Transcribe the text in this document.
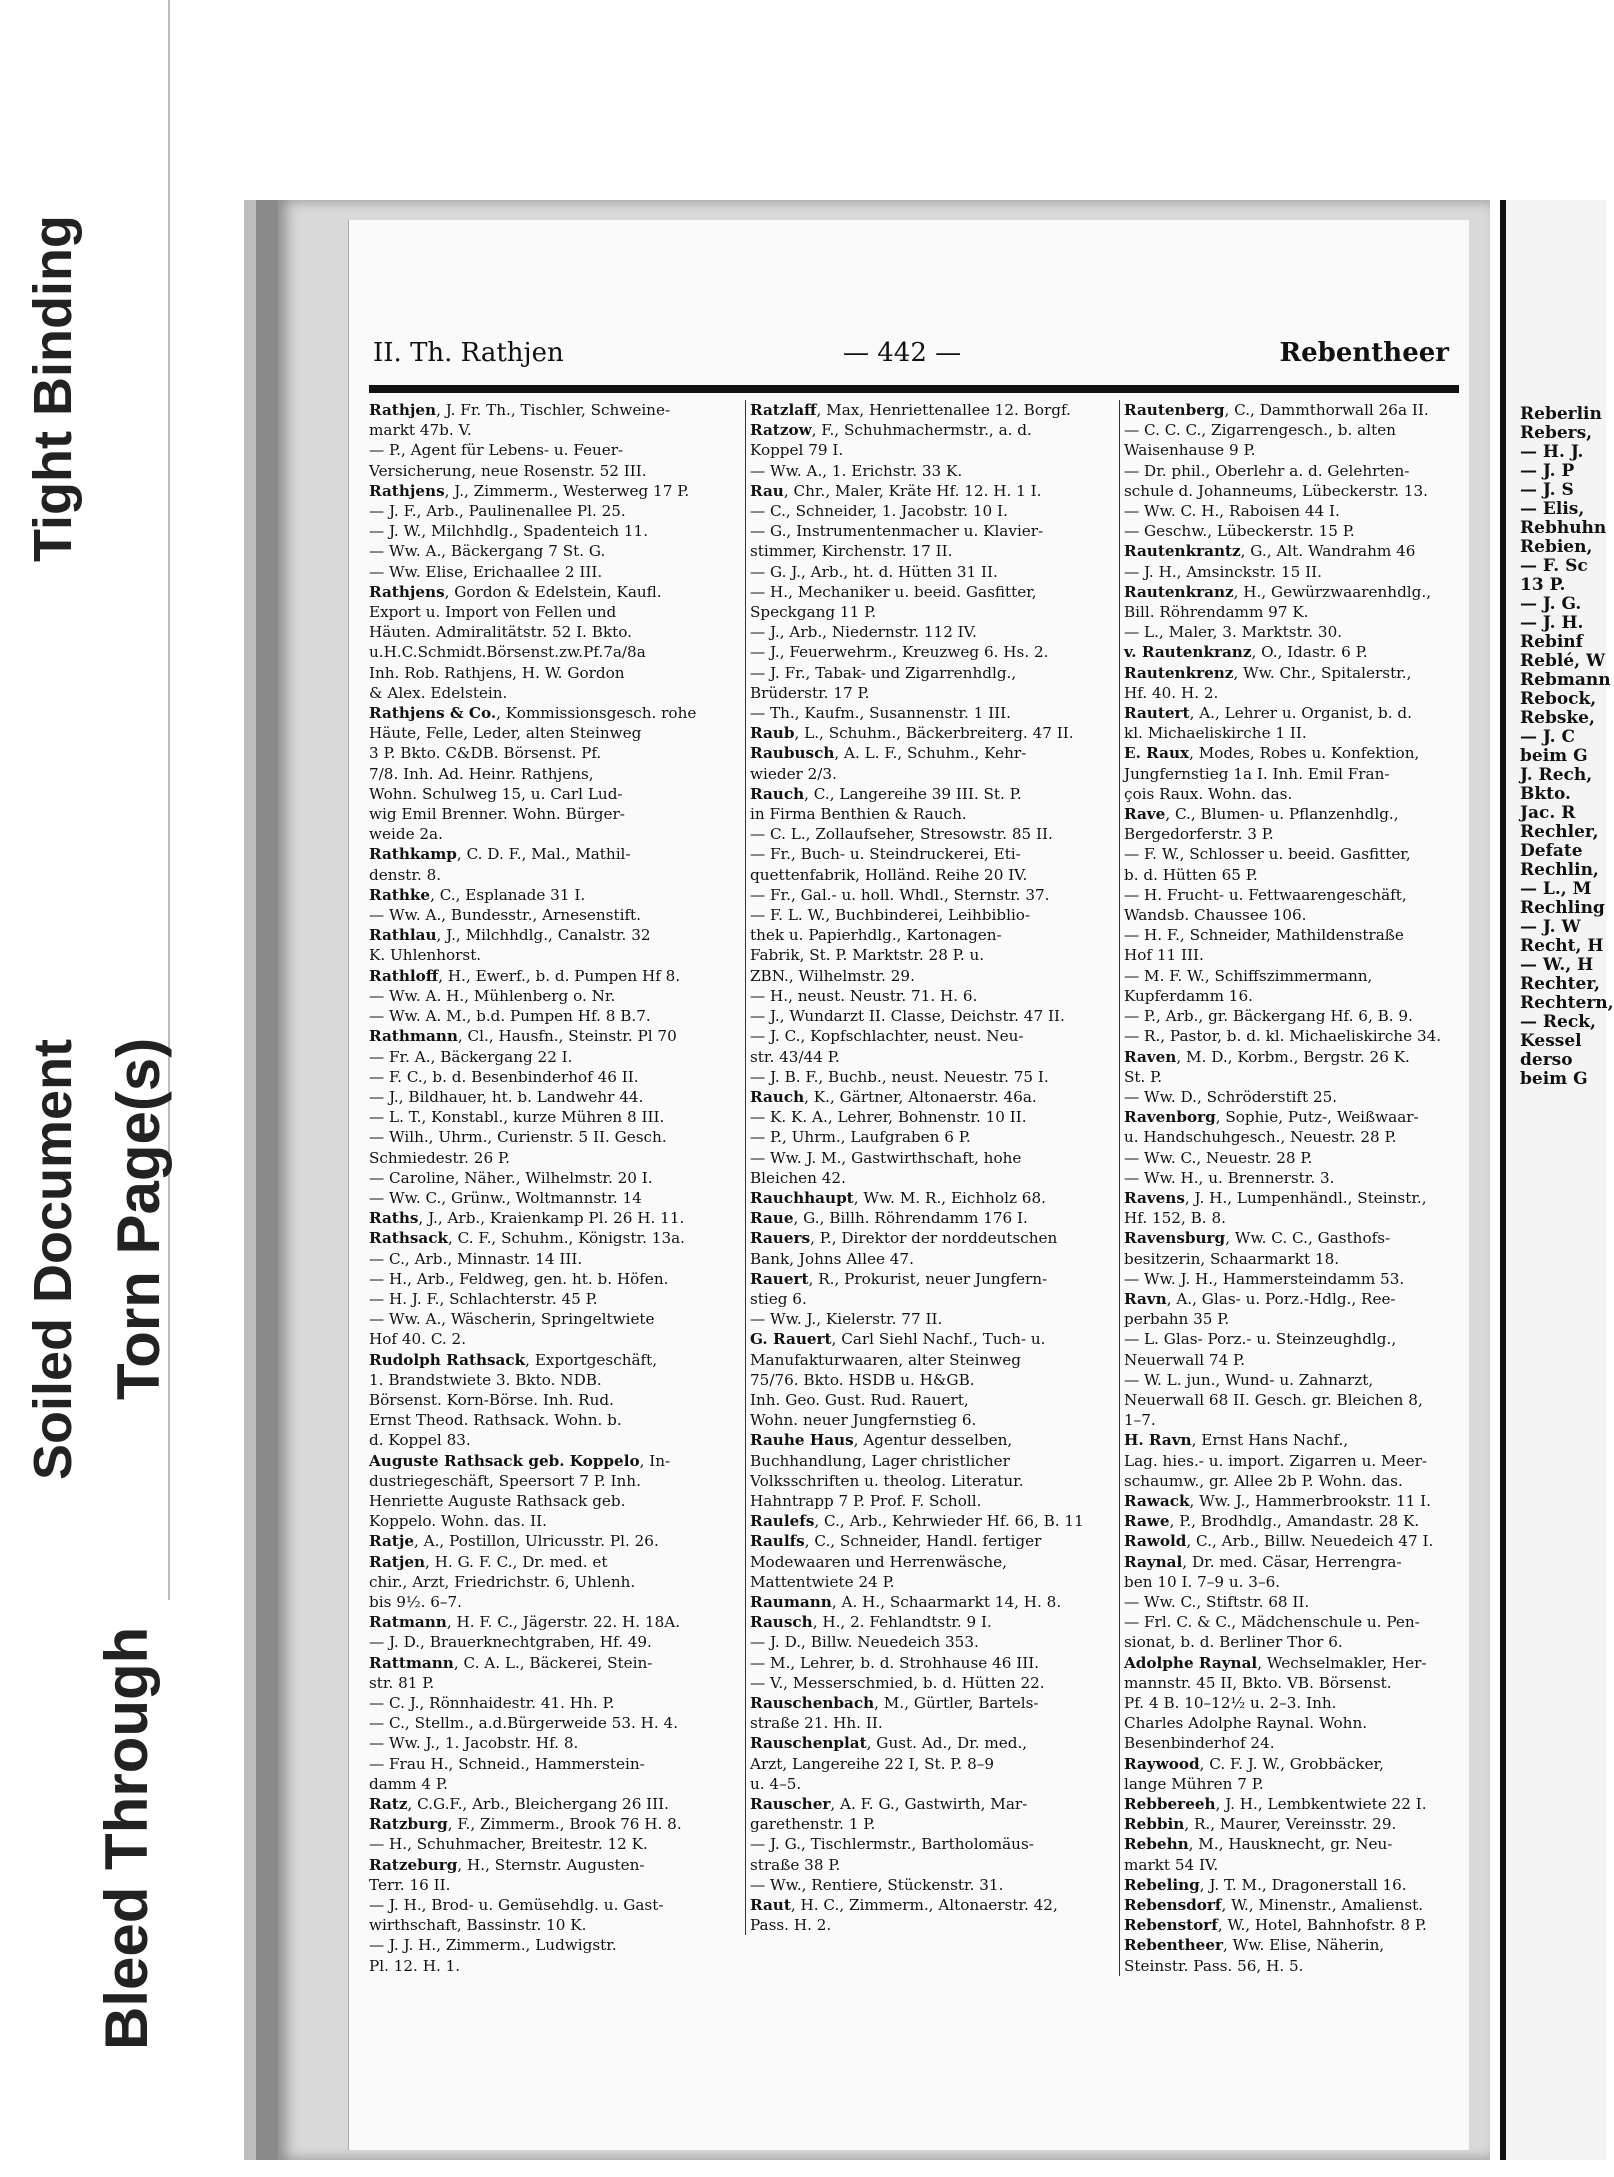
Tight Binding
Soiled Document Torn Page(s)
Bleed Through
II. Th. Rathjen	— 442 —	Rebentheer
Rathjen, J. Fr. Th., Tischler, Schweine-
markt 47b. V.
— P., Agent für Lebens- u. Feuer-
Versicherung, neue Rosenstr. 52 III.
Rathjens, J., Zimmerm., Westerweg 17 P.
— J. F., Arb., Paulinenallee Pl. 25.
— J. W., Milchhdlg., Spadenteich 11.
— Ww. A., Bäckergang 7 St. G.
— Ww. Elise, Erichaallee 2 III.
Rathjens, Gordon & Edelstein, Kaufl.
Export u. Import von Fellen und
Häuten. Admiralitätstr. 52 I. Bkto.
u.H.C.Schmidt.Börsenst.zw.Pf.7a/8a
Inh. Rob. Rathjens, H. W. Gordon
& Alex. Edelstein.
Rathjens & Co., Kommissionsgesch. rohe
Häute, Felle, Leder, alten Steinweg
3 P. Bkto. C&DB. Börsenst. Pf.
7/8. Inh. Ad. Heinr. Rathjens,
Wohn. Schulweg 15, u. Carl Lud-
wig Emil Brenner. Wohn. Bürger-
weide 2a.
Rathkamp, C. D. F., Mal., Mathil-
denstr. 8.
Rathke, C., Esplanade 31 I.
— Ww. A., Bundesstr., Arnesenstift.
Rathlau, J., Milchhdlg., Canalstr. 32
K. Uhlenhorst.
Rathloff, H., Ewerf., b. d. Pumpen Hf 8.
— Ww. A. H., Mühlenberg o. Nr.
— Ww. A. M., b.d. Pumpen Hf. 8 B.7.
Rathmann, Cl., Hausfn., Steinstr. Pl 70
— Fr. A., Bäckergang 22 I.
— F. C., b. d. Besenbinderhof 46 II.
— J., Bildhauer, ht. b. Landwehr 44.
— L. T., Konstabl., kurze Mühren 8 III.
— Wilh., Uhrm., Curienstr. 5 II. Gesch.
Schmiedestr. 26 P.
— Caroline, Näher., Wilhelmstr. 20 I.
— Ww. C., Grünw., Woltmannstr. 14
Raths, J., Arb., Kraienkamp Pl. 26 H. 11.
Rathsack, C. F., Schuhm., Königstr. 13a.
— C., Arb., Minnastr. 14 III.
— H., Arb., Feldweg, gen. ht. b. Höfen.
— H. J. F., Schlachterstr. 45 P.
— Ww. A., Wäscherin, Springeltwiete
Hof 40. C. 2.
Rudolph Rathsack, Exportgeschäft,
1. Brandstwiete 3. Bkto. NDB.
Börsenst. Korn-Börse. Inh. Rud.
Ernst Theod. Rathsack. Wohn. b.
d. Koppel 83.
Auguste Rathsack geb. Koppelo, In-
dustriegeschäft, Speersort 7 P. Inh.
Henriette Auguste Rathsack geb.
Koppelo. Wohn. das. II.
Ratje, A., Postillon, Ulricusstr. Pl. 26.
Ratjen, H. G. F. C., Dr. med. et
chir., Arzt, Friedrichstr. 6, Uhlenh.
bis 9½. 6–7.
Ratmann, H. F. C., Jägerstr. 22. H. 18A.
— J. D., Brauerknechtgraben, Hf. 49.
Rattmann, C. A. L., Bäckerei, Stein-
str. 81 P.
— C. J., Rönnhaidestr. 41. Hh. P.
— C., Stellm., a.d.Bürgerweide 53. H. 4.
— Ww. J., 1. Jacobstr. Hf. 8.
— Frau H., Schneid., Hammerstein-
damm 4 P.
Ratz, C.G.F., Arb., Bleichergang 26 III.
Ratzburg, F., Zimmerm., Brook 76 H. 8.
— H., Schuhmacher, Breitestr. 12 K.
Ratzeburg, H., Sternstr. Augusten-
Terr. 16 II.
— J. H., Brod- u. Gemüsehdlg. u. Gast-
wirthschaft, Bassinstr. 10 K.
— J. J. H., Zimmerm., Ludwigstr.
Pl. 12. H. 1.
Ratzlaff, Max, Henriettenallee 12. Borgf.
Ratzow, F., Schuhmachermstr., a. d.
Koppel 79 I.
— Ww. A., 1. Erichstr. 33 K.
Rau, Chr., Maler, Kräte Hf. 12. H. 1 I.
— C., Schneider, 1. Jacobstr. 10 I.
— G., Instrumentenmacher u. Klavier-
stimmer, Kirchenstr. 17 II.
— G. J., Arb., ht. d. Hütten 31 II.
— H., Mechaniker u. beeid. Gasfitter,
Speckgang 11 P.
— J., Arb., Niedernstr. 112 IV.
— J., Feuerwehrm., Kreuzweg 6. Hs. 2.
— J. Fr., Tabak- und Zigarrenhdlg.,
Brüderstr. 17 P.
— Th., Kaufm., Susannenstr. 1 III.
Raub, L., Schuhm., Bäckerbreiterg. 47 II.
Raubusch, A. L. F., Schuhm., Kehr-
wieder 2/3.
Rauch, C., Langereihe 39 III. St. P.
in Firma Benthien & Rauch.
— C. L., Zollaufseher, Stresowstr. 85 II.
— Fr., Buch- u. Steindruckerei, Eti-
quettenfabrik, Holländ. Reihe 20 IV.
— Fr., Gal.- u. holl. Whdl., Sternstr. 37.
— F. L. W., Buchbinderei, Leihbiblio-
thek u. Papierhdlg., Kartonagen-
Fabrik, St. P. Marktstr. 28 P. u.
ZBN., Wilhelmstr. 29.
— H., neust. Neustr. 71. H. 6.
— J., Wundarzt II. Classe, Deichstr. 47 II.
— J. C., Kopfschlachter, neust. Neu-
str. 43/44 P.
— J. B. F., Buchb., neust. Neuestr. 75 I.
Rauch, K., Gärtner, Altonaerstr. 46a.
— K. K. A., Lehrer, Bohnenstr. 10 II.
— P., Uhrm., Laufgraben 6 P.
— Ww. J. M., Gastwirthschaft, hohe
Bleichen 42.
Rauchhaupt, Ww. M. R., Eichholz 68.
Raue, G., Billh. Röhrendamm 176 I.
Rauers, P., Direktor der norddeutschen
Bank, Johns Allee 47.
Rauert, R., Prokurist, neuer Jungfern-
stieg 6.
— Ww. J., Kielerstr. 77 II.
G. Rauert, Carl Siehl Nachf., Tuch- u.
Manufakturwaaren, alter Steinweg
75/76. Bkto. HSDB u. H&GB.
Inh. Geo. Gust. Rud. Rauert,
Wohn. neuer Jungfernstieg 6.
Rauhe Haus, Agentur desselben,
Buchhandlung, Lager christlicher
Volksschriften u. theolog. Literatur.
Hahntrapp 7 P. Prof. F. Scholl.
Raulefs, C., Arb., Kehrwieder Hf. 66, B. 11
Raulfs, C., Schneider, Handl. fertiger
Modewaaren und Herrenwäsche,
Mattentwiete 24 P.
Raumann, A. H., Schaarmarkt 14, H. 8.
Rausch, H., 2. Fehlandtstr. 9 I.
— J. D., Billw. Neuedeich 353.
— M., Lehrer, b. d. Strohhause 46 III.
— V., Messerschmied, b. d. Hütten 22.
Rauschenbach, M., Gürtler, Bartels-
straße 21. Hh. II.
Rauschenplat, Gust. Ad., Dr. med.,
Arzt, Langereihe 22 I, St. P. 8–9
u. 4–5.
Rauscher, A. F. G., Gastwirth, Mar-
garethenstr. 1 P.
— J. G., Tischlermstr., Bartholomäus-
straße 38 P.
— Ww., Rentiere, Stückenstr. 31.
Raut, H. C., Zimmerm., Altonaerstr. 42,
Pass. H. 2.
Rautenberg, C., Dammthorwall 26a II.
— C. C. C., Zigarrengesch., b. alten
Waisenhause 9 P.
— Dr. phil., Oberlehr a. d. Gelehrten-
schule d. Johanneums, Lübeckerstr. 13.
— Ww. C. H., Raboisen 44 I.
— Geschw., Lübeckerstr. 15 P.
Rautenkrantz, G., Alt. Wandrahm 46
— J. H., Amsinckstr. 15 II.
Rautenkranz, H., Gewürzwaarenhdlg.,
Bill. Röhrendamm 97 K.
— L., Maler, 3. Marktstr. 30.
v. Rautenkranz, O., Idastr. 6 P.
Rautenkrenz, Ww. Chr., Spitalerstr.,
Hf. 40. H. 2.
Rautert, A., Lehrer u. Organist, b. d.
kl. Michaeliskirche 1 II.
E. Raux, Modes, Robes u. Konfektion,
Jungfernstieg 1a I. Inh. Emil Fran-
çois Raux. Wohn. das.
Rave, C., Blumen- u. Pflanzenhdlg.,
Bergedorferstr. 3 P.
— F. W., Schlosser u. beeid. Gasfitter,
b. d. Hütten 65 P.
— H. Frucht- u. Fettwaarengeschäft,
Wandsb. Chaussee 106.
— H. F., Schneider, Mathildenstraße
Hof 11 III.
— M. F. W., Schiffszimmermann,
Kupferdamm 16.
— P., Arb., gr. Bäckergang Hf. 6, B. 9.
— R., Pastor, b. d. kl. Michaeliskirche 34.
Raven, M. D., Korbm., Bergstr. 26 K.
St. P.
— Ww. D., Schröderstift 25.
Ravenborg, Sophie, Putz-, Weißwaar-
u. Handschuhgesch., Neuestr. 28 P.
— Ww. C., Neuestr. 28 P.
— Ww. H., u. Brennerstr. 3.
Ravens, J. H., Lumpenhändl., Steinstr.,
Hf. 152, B. 8.
Ravensburg, Ww. C. C., Gasthofs-
besitzerin, Schaarmarkt 18.
— Ww. J. H., Hammersteindamm 53.
Ravn, A., Glas- u. Porz.-Hdlg., Ree-
perbahn 35 P.
— L. Glas- Porz.- u. Steinzeughdlg.,
Neuerwall 74 P.
— W. L. jun., Wund- u. Zahnarzt,
Neuerwall 68 II. Gesch. gr. Bleichen 8,
1–7.
H. Ravn, Ernst Hans Nachf.,
Lag. hies.- u. import. Zigarren u. Meer-
schaumw., gr. Allee 2b P. Wohn. das.
Rawack, Ww. J., Hammerbrookstr. 11 I.
Rawe, P., Brodhdlg., Amandastr. 28 K.
Rawold, C., Arb., Billw. Neuedeich 47 I.
Raynal, Dr. med. Cäsar, Herrengra-
ben 10 I. 7–9 u. 3–6.
— Ww. C., Stiftstr. 68 II.
— Frl. C. & C., Mädchenschule u. Pen-
sionat, b. d. Berliner Thor 6.
Adolphe Raynal, Wechselmakler, Her-
mannstr. 45 II, Bkto. VB. Börsenst.
Pf. 4 B. 10–12½ u. 2–3. Inh.
Charles Adolphe Raynal. Wohn.
Besenbinderhof 24.
Raywood, C. F. J. W., Grobbäcker,
lange Mühren 7 P.
Rebbereeh, J. H., Lembkentwiete 22 I.
Rebbin, R., Maurer, Vereinsstr. 29.
Rebehn, M., Hausknecht, gr. Neu-
markt 54 IV.
Rebeling, J. T. M., Dragonerstall 16.
Rebensdorf, W., Minenstr., Amalienst.
Rebenstorf, W., Hotel, Bahnhofstr. 8 P.
Rebentheer, Ww. Elise, Näherin,
Steinstr. Pass. 56, H. 5.
Reberlin
Rebers,
— H. J.
— J. P
— J. S
— Elis,
Rebhuhn
Rebien,
— F. Sc
13 P.
— J. G.
— J. H.
Rebinf
Reblé, W
Rebmann
Rebock,
Rebske,
— J. C
beim G
J. Rech,
Bkto.
Jac. R
Rechler,
Defate
Rechlin,
— L., M
Rechling
— J. W
Recht, H
— W., H
Rechter,
Rechtern,
— Reck,
Kessel
derso
beim G
